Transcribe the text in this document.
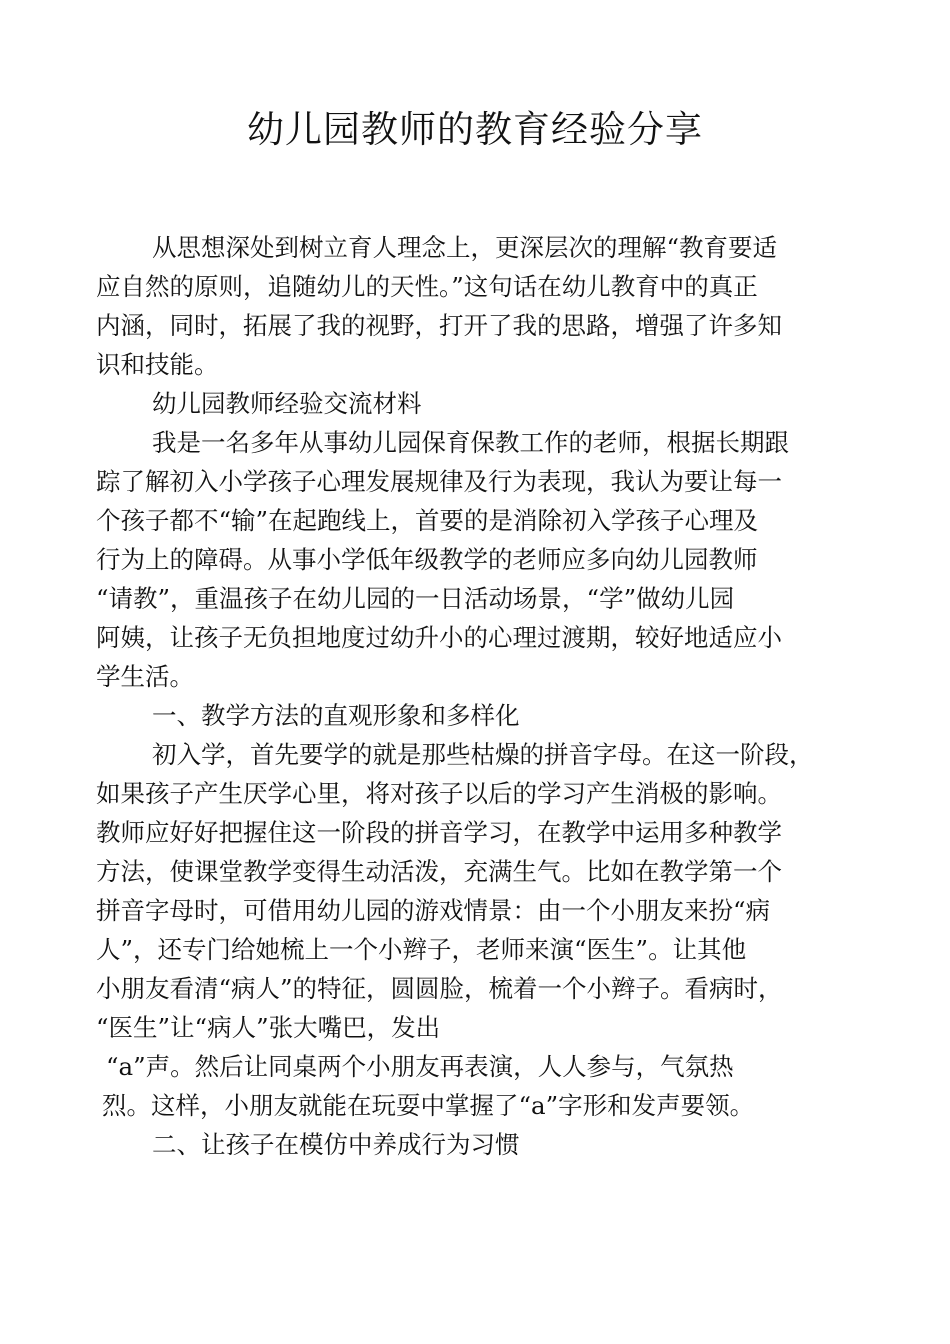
幼儿园教师的教育经验分享
从思想深处到树立育人理念上，更深层次的理解“教育要适
应自然的原则，追随幼儿的天性。”这句话在幼儿教育中的真正
内涵，同时，拓展了我的视野，打开了我的思路，增强了许多知
识和技能。
幼儿园教师经验交流材料
我是一名多年从事幼儿园保育保教工作的老师，根据长期跟
踪了解初入小学孩子心理发展规律及行为表现，我认为要让每一
个孩子都不“输”在起跑线上，首要的是消除初入学孩子心理及
行为上的障碍。从事小学低年级教学的老师应多向幼儿园教师
“请教”，重温孩子在幼儿园的一日活动场景，“学”做幼儿园
阿姨，让孩子无负担地度过幼升小的心理过渡期，较好地适应小
学生活。
一、教学方法的直观形象和多样化
初入学，首先要学的就是那些枯燥的拼音字母。在这一阶段，
如果孩子产生厌学心里，将对孩子以后的学习产生消极的影响。
教师应好好把握住这一阶段的拼音学习，在教学中运用多种教学
方法，使课堂教学变得生动活泼，充满生气。比如在教学第一个
拼音字母时，可借用幼儿园的游戏情景：由一个小朋友来扮“病
人”，还专门给她梳上一个小辫子，老师来演“医生”。让其他
小朋友看清“病人”的特征，圆圆脸，梳着一个小辫子。看病时，
“医生”让“病人”张大嘴巴，发出
“a”声。然后让同桌两个小朋友再表演，人人参与，气氛热
烈。这样，小朋友就能在玩耍中掌握了“a”字形和发声要领。
二、让孩子在模仿中养成行为习惯
